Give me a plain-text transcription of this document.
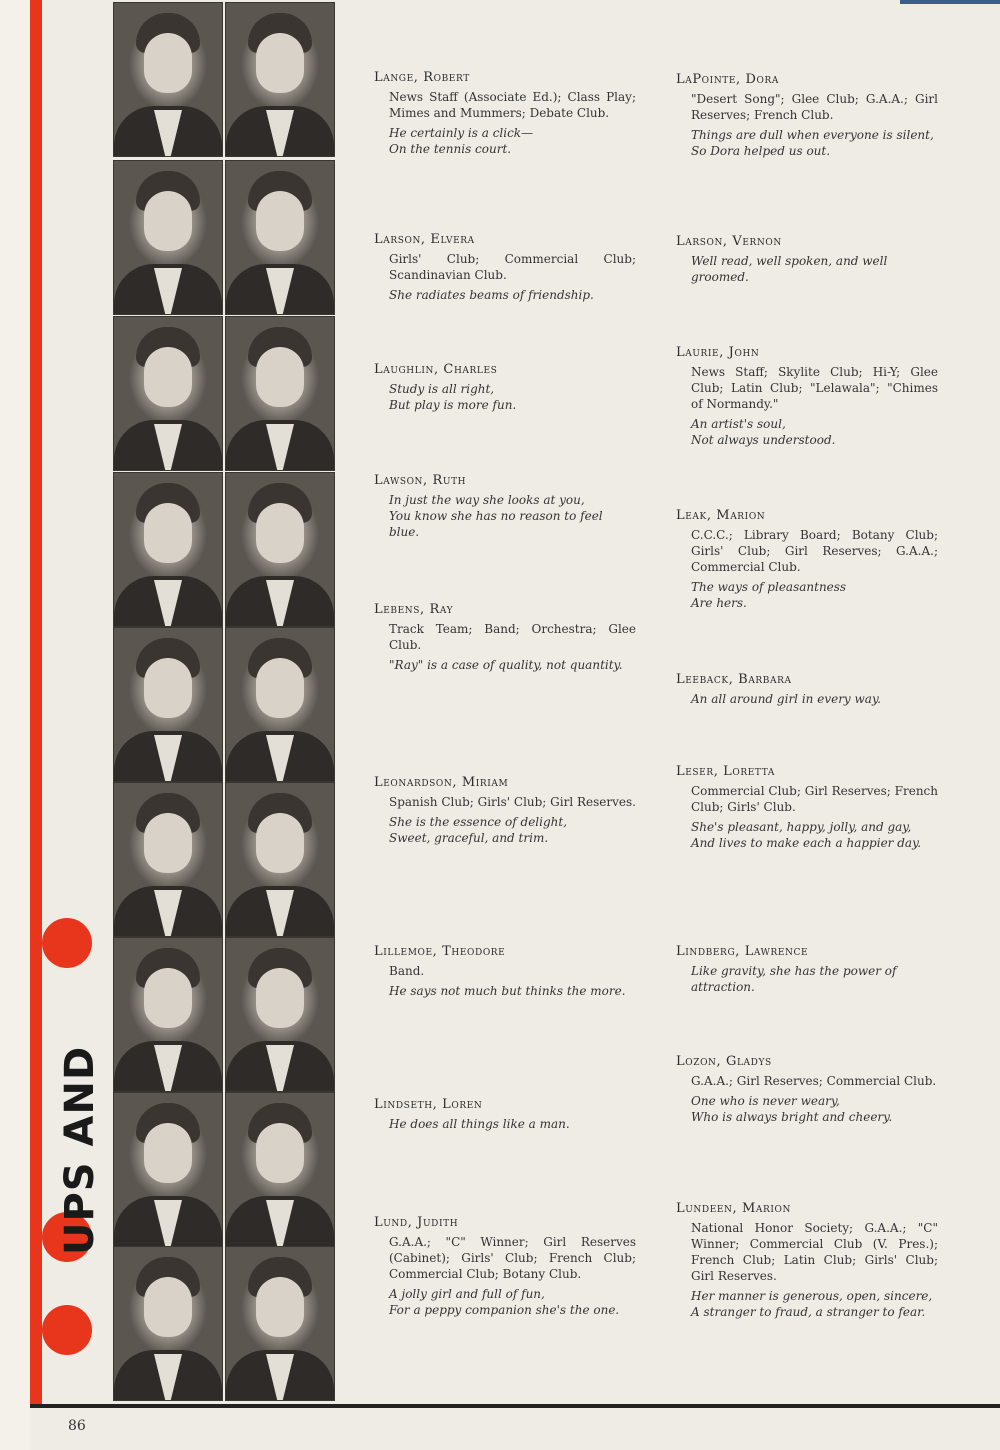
UPS AND
Lange, Robert
News Staff (Associate Ed.); Class Play; Mimes and Mummers; Debate Club.
He certainly is a click—
On the tennis court.
Larson, Elvera
Girls' Club; Commercial Club; Scandinavian Club.
She radiates beams of friendship.
Laughlin, Charles
Study is all right,
But play is more fun.
Lawson, Ruth
In just the way she looks at you,
You know she has no reason to feel blue.
Lebens, Ray
Track Team; Band; Orchestra; Glee Club.
"Ray" is a case of quality, not quantity.
Leonardson, Miriam
Spanish Club; Girls' Club; Girl Reserves.
She is the essence of delight,
Sweet, graceful, and trim.
Lillemoe, Theodore
Band.
He says not much but thinks the more.
Lindseth, Loren
He does all things like a man.
Lund, Judith
G.A.A.; "C" Winner; Girl Reserves (Cabinet); Girls' Club; French Club; Commercial Club; Botany Club.
A jolly girl and full of fun,
For a peppy companion she's the one.
LaPointe, Dora
"Desert Song"; Glee Club; G.A.A.; Girl Reserves; French Club.
Things are dull when everyone is silent,
So Dora helped us out.
Larson, Vernon
Well read, well spoken, and well groomed.
Laurie, John
News Staff; Skylite Club; Hi-Y; Glee Club; Latin Club; "Lelawala"; "Chimes of Normandy."
An artist's soul,
Not always understood.
Leak, Marion
C.C.C.; Library Board; Botany Club; Girls' Club; Girl Reserves; G.A.A.; Commercial Club.
The ways of pleasantness
Are hers.
Leeback, Barbara
An all around girl in every way.
Leser, Loretta
Commercial Club; Girl Reserves; French Club; Girls' Club.
She's pleasant, happy, jolly, and gay,
And lives to make each a happier day.
Lindberg, Lawrence
Like gravity, she has the power of attraction.
Lozon, Gladys
G.A.A.; Girl Reserves; Commercial Club.
One who is never weary,
Who is always bright and cheery.
Lundeen, Marion
National Honor Society; G.A.A.; "C" Winner; Commercial Club (V. Pres.); French Club; Latin Club; Girls' Club; Girl Reserves.
Her manner is generous, open, sincere,
A stranger to fraud, a stranger to fear.
86
